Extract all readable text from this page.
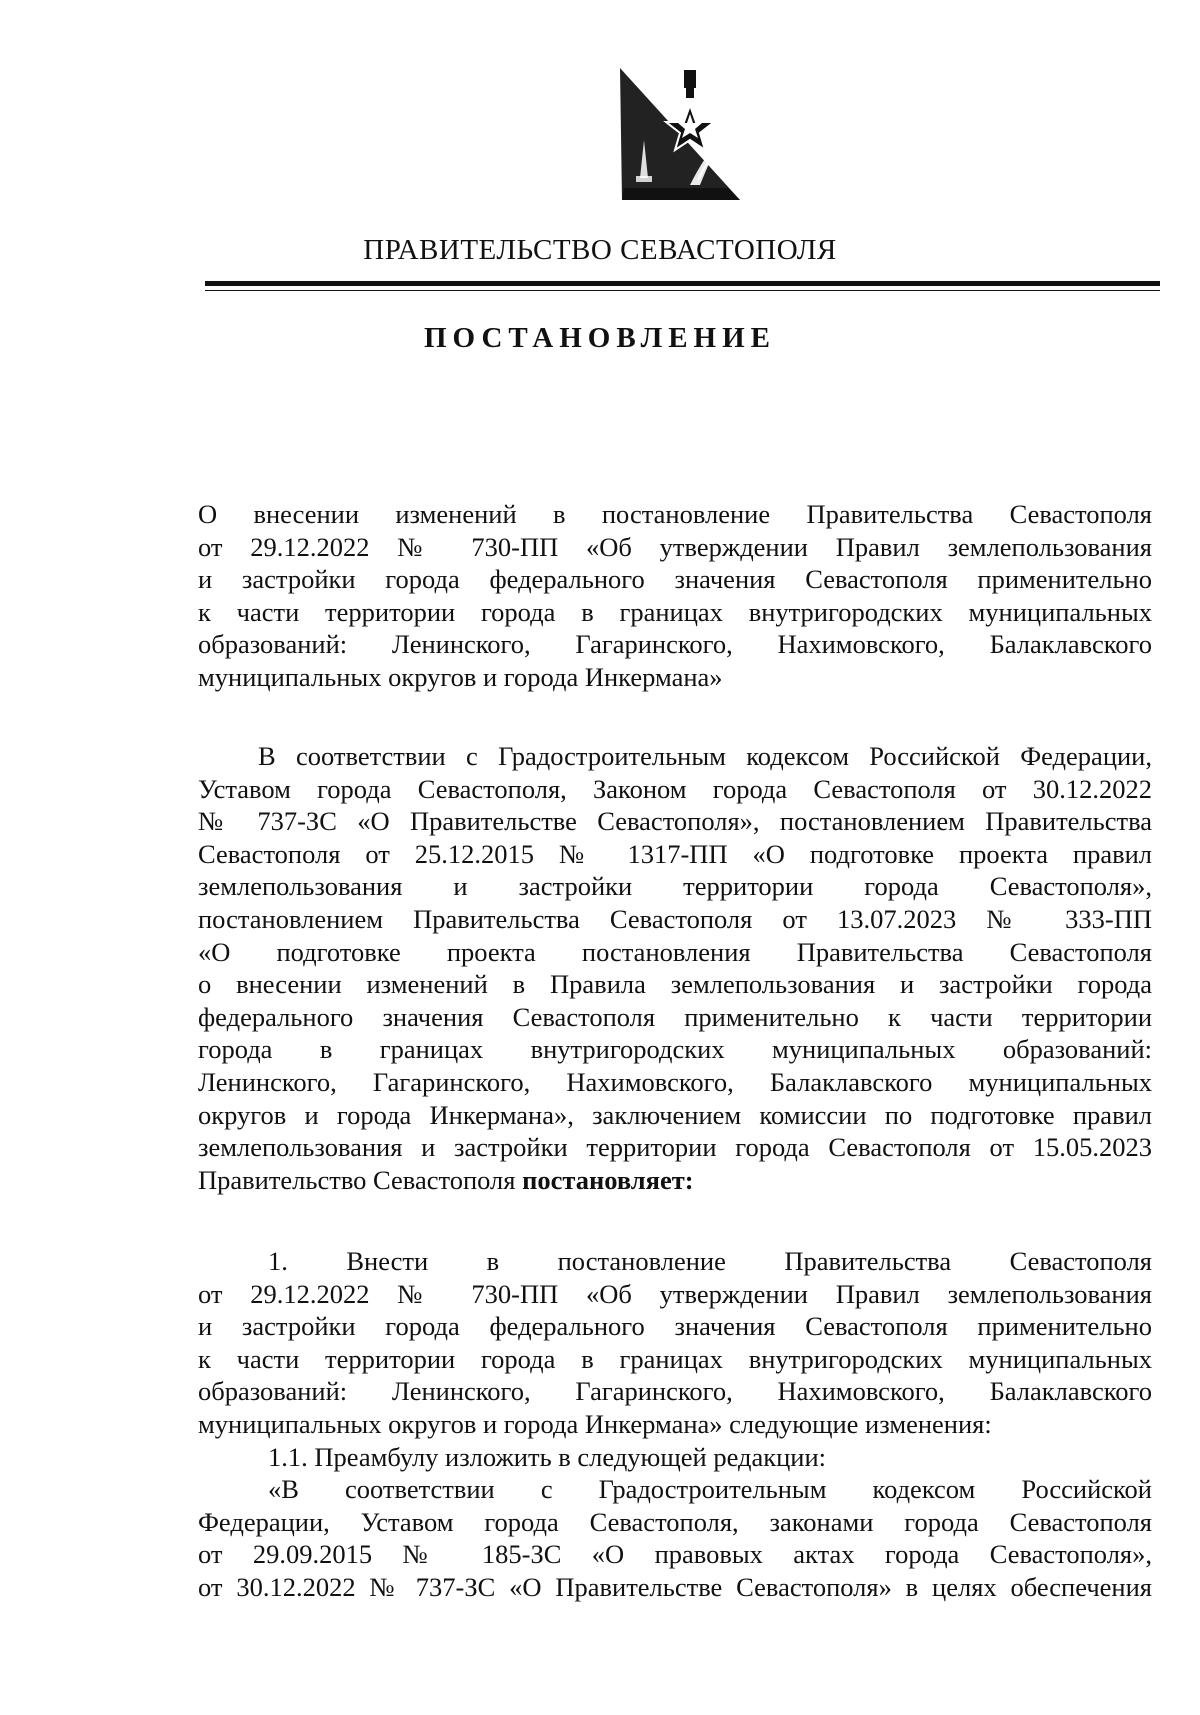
ПРАВИТЕЛЬСТВО СЕВАСТОПОЛЯ
ПОСТАНОВЛЕНИЕ

О внесении изменений в постановление Правительства Севастополя

от 29.12.2022 № 730-ПП «Об утверждении Правил землепользования

и застройки города федерального значения Севастополя применительно

к части территории города в границах внутригородских муниципальных

образований: Ленинского, Гагаринского, Нахимовского, Балаклавского

муниципальных округов и города Инкермана»

В соответствии с Градостроительным кодексом Российской Федерации,

Уставом города Севастополя, Законом города Севастополя от 30.12.2022

№ 737-ЗС «О Правительстве Севастополя», постановлением Правительства

Севастополя от 25.12.2015 № 1317-ПП «О подготовке проекта правил

землепользования и застройки территории города Севастополя»,

постановлением Правительства Севастополя от 13.07.2023 № 333-ПП

«О подготовке проекта постановления Правительства Севастополя

о внесении изменений в Правила землепользования и застройки города

федерального значения Севастополя применительно к части территории

города в границах внутригородских муниципальных образований:

Ленинского, Гагаринского, Нахимовского, Балаклавского муниципальных

округов и города Инкермана», заключением комиссии по подготовке правил

землепользования и застройки территории города Севастополя от 15.05.2023

Правительство Севастополя постановляет:

1. Внести в постановление Правительства Севастополя

от 29.12.2022 № 730-ПП «Об утверждении Правил землепользования

и застройки города федерального значения Севастополя применительно

к части территории города в границах внутригородских муниципальных

образований: Ленинского, Гагаринского, Нахимовского, Балаклавского

муниципальных округов и города Инкермана» следующие изменения:

1.1. Преамбулу изложить в следующей редакции:

«В соответствии с Градостроительным кодексом Российской

Федерации, Уставом города Севастополя, законами города Севастополя

от 29.09.2015 № 185-ЗС «О правовых актах города Севастополя»,

от 30.12.2022 № 737-ЗС «О Правительстве Севастополя» в целях обеспечения
